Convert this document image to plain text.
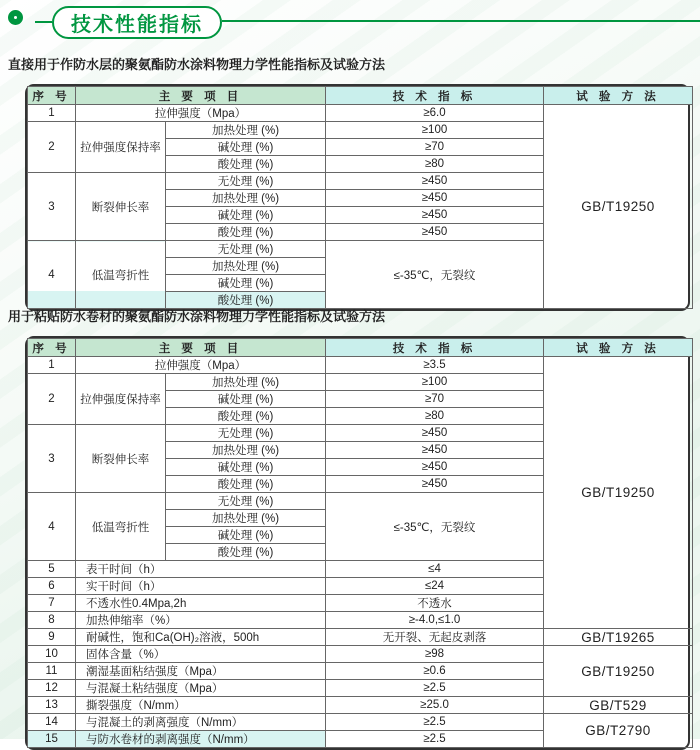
技术性能指标
直接用于作防水层的聚氨酯防水涂料物理力学性能指标及试验方法
序 号	主 要 项 目		技 术 指 标	试 验 方 法
1	拉伸强度（Mpa）		≥6.0	GB/T19250
2	拉伸强度保持率	加热处理 (%)	≥100	
		碱处理 (%)	≥70	
		酸处理 (%)	≥80	
3	断裂伸长率	无处理 (%)	≥450	
		加热处理 (%)	≥450	
		碱处理 (%)	≥450	
		酸处理 (%)	≥450	
4	低温弯折性	无处理 (%)	≤-35℃，无裂纹	
		加热处理 (%)		
		碱处理 (%)		
		酸处理 (%)		
用于粘贴防水卷材的聚氨酯防水涂料物理力学性能指标及试验方法
序 号	主 要 项 目		技 术 指 标	试 验 方 法
1	拉伸强度（Mpa）		≥3.5	GB/T19250
2	拉伸强度保持率	加热处理 (%)	≥100	
		碱处理 (%)	≥70	
		酸处理 (%)	≥80	
3	断裂伸长率	无处理 (%)	≥450	
		加热处理 (%)	≥450	
		碱处理 (%)	≥450	
		酸处理 (%)	≥450	
4	低温弯折性	无处理 (%)	≤-35℃，无裂纹	
		加热处理 (%)		
		碱处理 (%)		
		酸处理 (%)		
5	表干时间（h）		≤4	
6	实干时间（h）		≤24	
7	不透水性0.4Mpa,2h		不透水	
8	加热伸缩率（%）		≥-4.0,≤1.0	
9	耐碱性，饱和Ca(OH)₂溶液，500h		无开裂、无起皮剥落	GB/T19265
10	固体含量（%）		≥98	GB/T19250
11	潮湿基面粘结强度（Mpa）		≥0.6	
12	与混凝土粘结强度（Mpa）		≥2.5	
13	撕裂强度（N/mm）		≥25.0	GB/T529
14	与混凝土的剥离强度（N/mm）		≥2.5	GB/T2790
15	与防水卷材的剥离强度（N/mm）		≥2.5	
